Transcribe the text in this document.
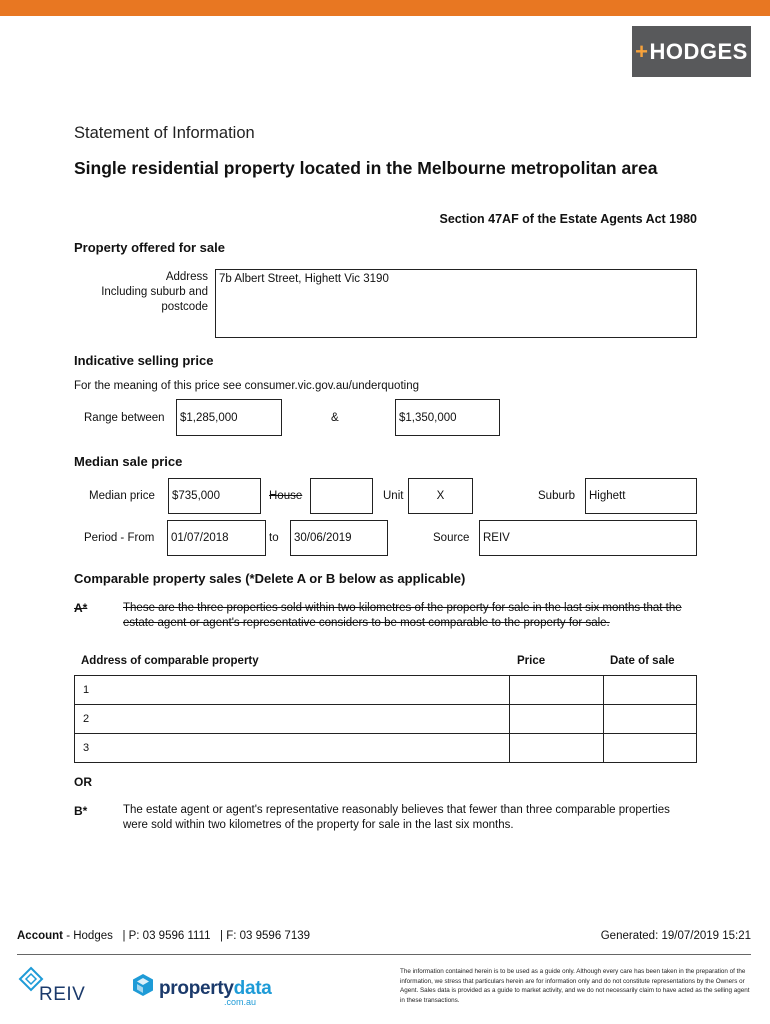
+ HODGES
Statement of Information
Single residential property located in the Melbourne metropolitan area
Section 47AF of the Estate Agents Act 1980
Property offered for sale
Address
Including suburb and
postcode
7b Albert Street, Highett Vic 3190
Indicative selling price
For the meaning of this price see consumer.vic.gov.au/underquoting
Range between	$1,285,000	&	$1,350,000
Median sale price
Median price	$735,000	House	Unit	X	Suburb	Highett
Period - From	01/07/2018	to	30/06/2019	Source	REIV
Comparable property sales (*Delete A or B below as applicable)
A*	These are the three properties sold within two kilometres of the property for sale in the last six months that the estate agent or agent's representative considers to be most comparable to the property for sale.
Address of comparable property	Price	Date of sale
1		
2		
3		
OR
B*	The estate agent or agent's representative reasonably believes that fewer than three comparable properties were sold within two kilometres of the property for sale in the last six months.
Account - Hodges   | P: 03 9596 1111   | F: 03 9596 7139	Generated: 19/07/2019 15:21
REIV	propertydata
.com.au
The information contained herein is to be used as a guide only. Although every care has been taken in the preparation of the information, we stress that particulars herein are for information only and do not constitute representations by the Owners or Agent. Sales data is provided as a guide to market activity, and we do not necessarily claim to have acted as the selling agent in these transactions.
